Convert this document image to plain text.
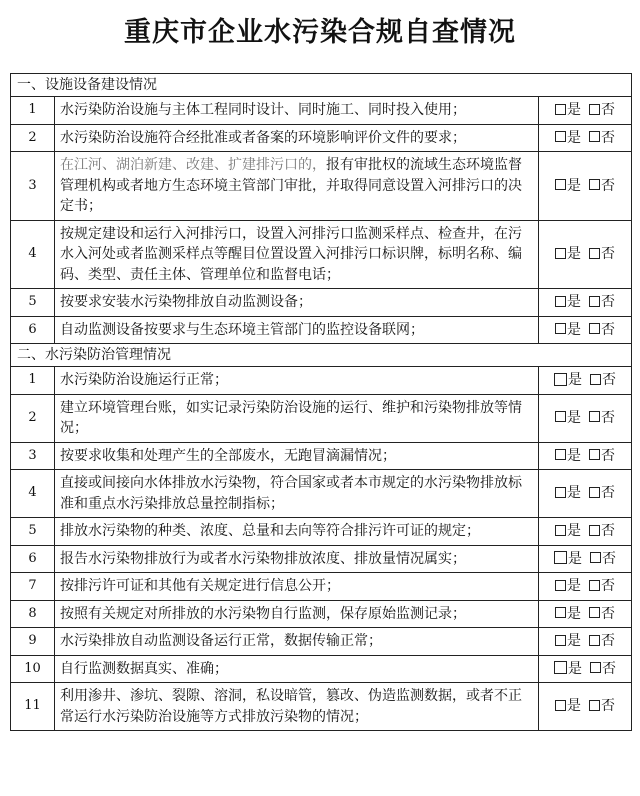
重庆市企业水污染合规自查情况
一、设施设备建设情况		
1	水污染防治设施与主体工程同时设计、同时施工、同时投入使用；	是 否
2	水污染防治设施符合经批准或者备案的环境影响评价文件的要求；	是 否
3	在江河、湖泊新建、改建、扩建排污口的，报有审批权的流域生态环境监督管理机构或者地方生态环境主管部门审批，并取得同意设置入河排污口的决定书；	是 否
4	按规定建设和运行入河排污口，设置入河排污口监测采样点、检查井，在污水入河处或者监测采样点等醒目位置设置入河排污口标识牌，标明名称、编码、类型、责任主体、管理单位和监督电话；	是 否
5	按要求安装水污染物排放自动监测设备；	是 否
6	自动监测设备按要求与生态环境主管部门的监控设备联网；	是 否
二、水污染防治管理情况		
1	水污染防治设施运行正常；	是 否
2	建立环境管理台账，如实记录污染防治设施的运行、维护和污染物排放等情况；	是 否
3	按要求收集和处理产生的全部废水，无跑冒滴漏情况；	是 否
4	直接或间接向水体排放水污染物，符合国家或者本市规定的水污染物排放标准和重点水污染排放总量控制指标；	是 否
5	排放水污染物的种类、浓度、总量和去向等符合排污许可证的规定；	是 否
6	报告水污染物排放行为或者水污染物排放浓度、排放量情况属实；	是 否
7	按排污许可证和其他有关规定进行信息公开；	是 否
8	按照有关规定对所排放的水污染物自行监测，保存原始监测记录；	是 否
9	水污染排放自动监测设备运行正常，数据传输正常；	是 否
10	自行监测数据真实、准确；	是 否
11	利用渗井、渗坑、裂隙、溶洞，私设暗管，篡改、伪造监测数据，或者不正常运行水污染防治设施等方式排放污染物的情况；	是 否
